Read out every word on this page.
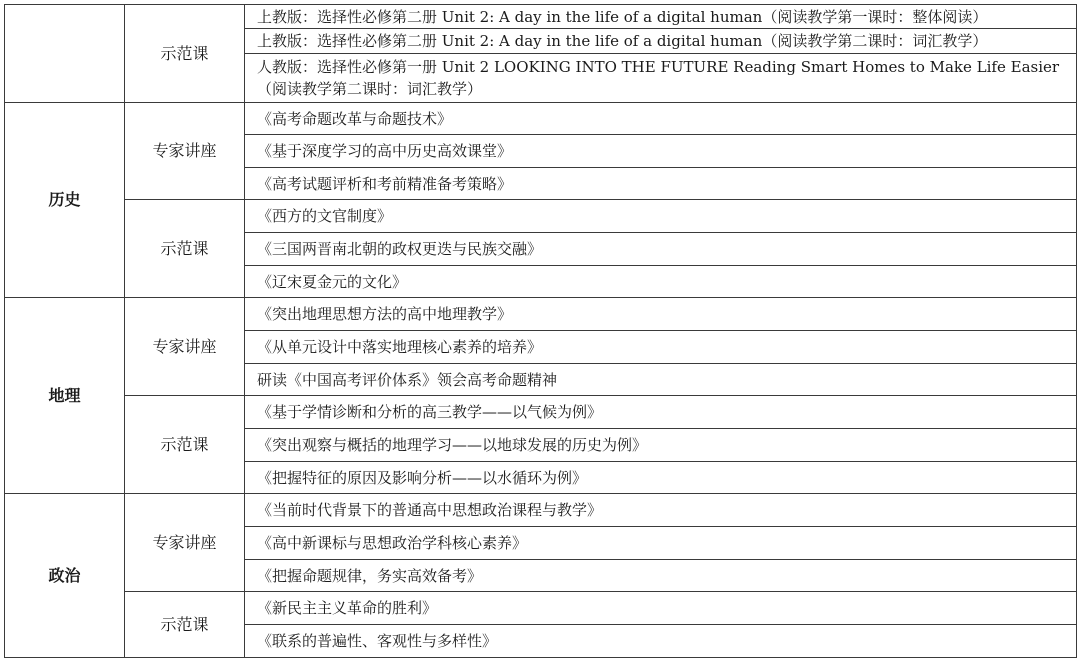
	示范课	上教版：选择性必修第二册 Unit 2: A day in the life of a digital human（阅读教学第一课时：整体阅读）
		上教版：选择性必修第二册 Unit 2: A day in the life of a digital human（阅读教学第二课时：词汇教学）
		人教版：选择性必修第一册 Unit 2 LOOKING INTO THE FUTURE Reading Smart Homes to Make Life Easier（阅读教学第二课时：词汇教学）
历史	专家讲座	《高考命题改革与命题技术》
		《基于深度学习的高中历史高效课堂》
		《高考试题评析和考前精准备考策略》
	示范课	《西方的文官制度》
		《三国两晋南北朝的政权更迭与民族交融》
		《辽宋夏金元的文化》
地理	专家讲座	《突出地理思想方法的高中地理教学》
		《从单元设计中落实地理核心素养的培养》
		研读《中国高考评价体系》领会高考命题精神
	示范课	《基于学情诊断和分析的高三教学——以气候为例》
		《突出观察与概括的地理学习——以地球发展的历史为例》
		《把握特征的原因及影响分析——以水循环为例》
政治	专家讲座	《当前时代背景下的普通高中思想政治课程与教学》
		《高中新课标与思想政治学科核心素养》
		《把握命题规律，务实高效备考》
	示范课	《新民主主义革命的胜利》
		《联系的普遍性、客观性与多样性》
